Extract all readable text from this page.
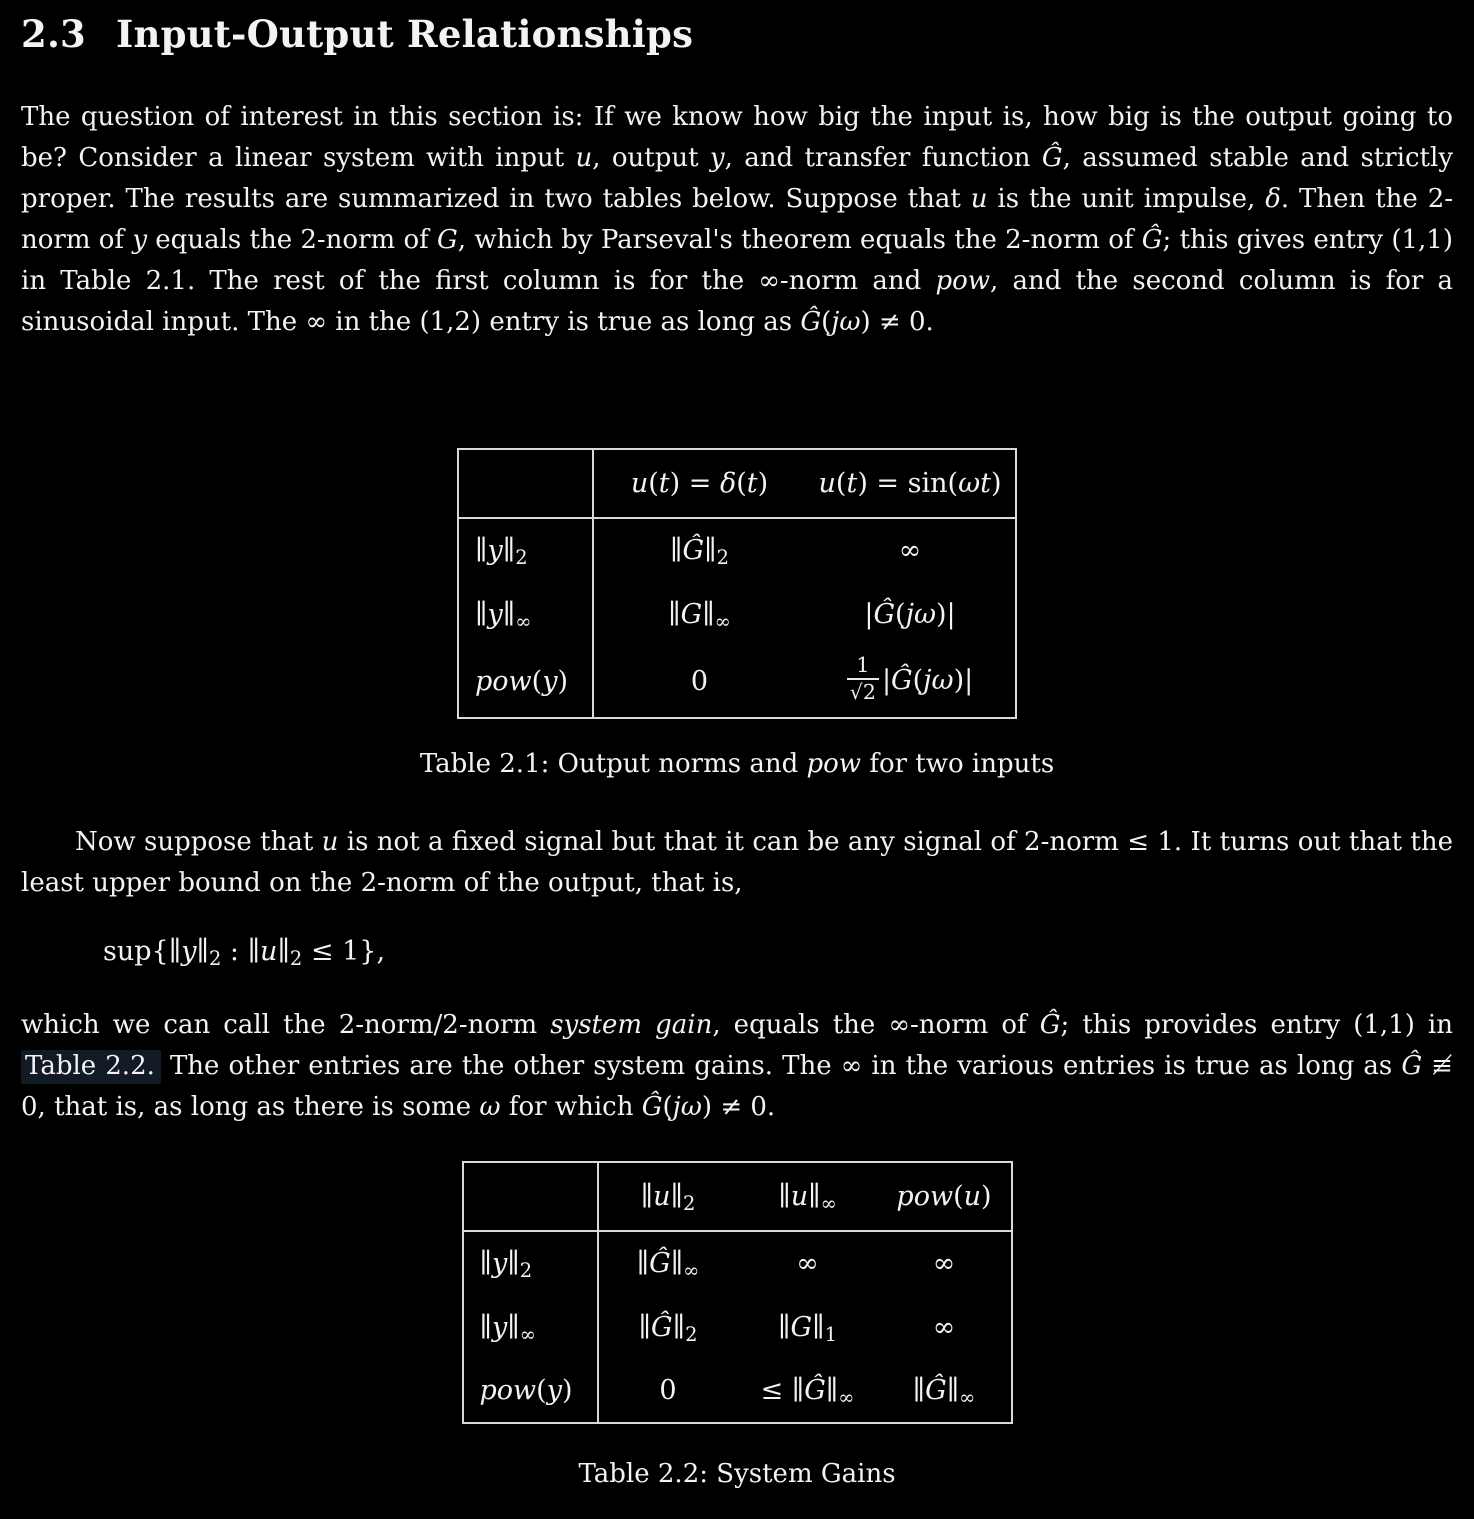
2.3 Input-Output Relationships

The question of interest in this section is: If we know how big the input is, how big is the output going to be? Consider a linear system with input u, output y, and transfer function Ĝ, assumed stable and strictly proper. The results are summarized in two tables below. Suppose that u is the unit impulse, δ. Then the 2-norm of y equals the 2-norm of G, which by Parseval's theorem equals the 2-norm of Ĝ; this gives entry (1,1) in Table 2.1. The rest of the first column is for the ∞-norm and pow, and the second column is for a sinusoidal input. The ∞ in the (1,2) entry is true as long as Ĝ(jω) ≠ 0.

	u(t) = δ(t)	u(t) = sin(ωt)
$\parallel y\parallel_2$	$\parallel Ĝ\parallel_2$	∞
$\parallel y\parallel_\infty$	$\parallel G\parallel_\infty$	|Ĝ(jω)|
pow(y)	0	$\frac{1}{√2}$ |Ĝ(jω)|
Table 2.1: Output norms and pow for two inputs

Now suppose that u is not a fixed signal but that it can be any signal of 2-norm ≤ 1. It turns out that the least upper bound on the 2-norm of the output, that is,

$sup\{\parallel y\parallel_2$ : $\parallel u\parallel_2 \le 1$},

which we can call the 2-norm/2-norm system gain, equals the ∞-norm of Ĝ; this provides entry (1,1) in Table 2.2. The other entries are the other system gains. The ∞ in the various entries is true as long as Ĝ ≢ 0, that is, as long as there is some ω for which Ĝ(jω) ≠ 0.

	$\parallel u\parallel_2$	$\parallel u\parallel_\infty$	pow(u)
$\parallel y\parallel_2$	$\parallel Ĝ\parallel_\infty$	∞	∞
$\parallel y\parallel_\infty$	$\parallel Ĝ\parallel_2$	$\parallel G\parallel_1$	∞
pow(y)	0	≤ $\parallel Ĝ\parallel_\infty$	$\parallel Ĝ\parallel_\infty$
Table 2.2: System Gains
